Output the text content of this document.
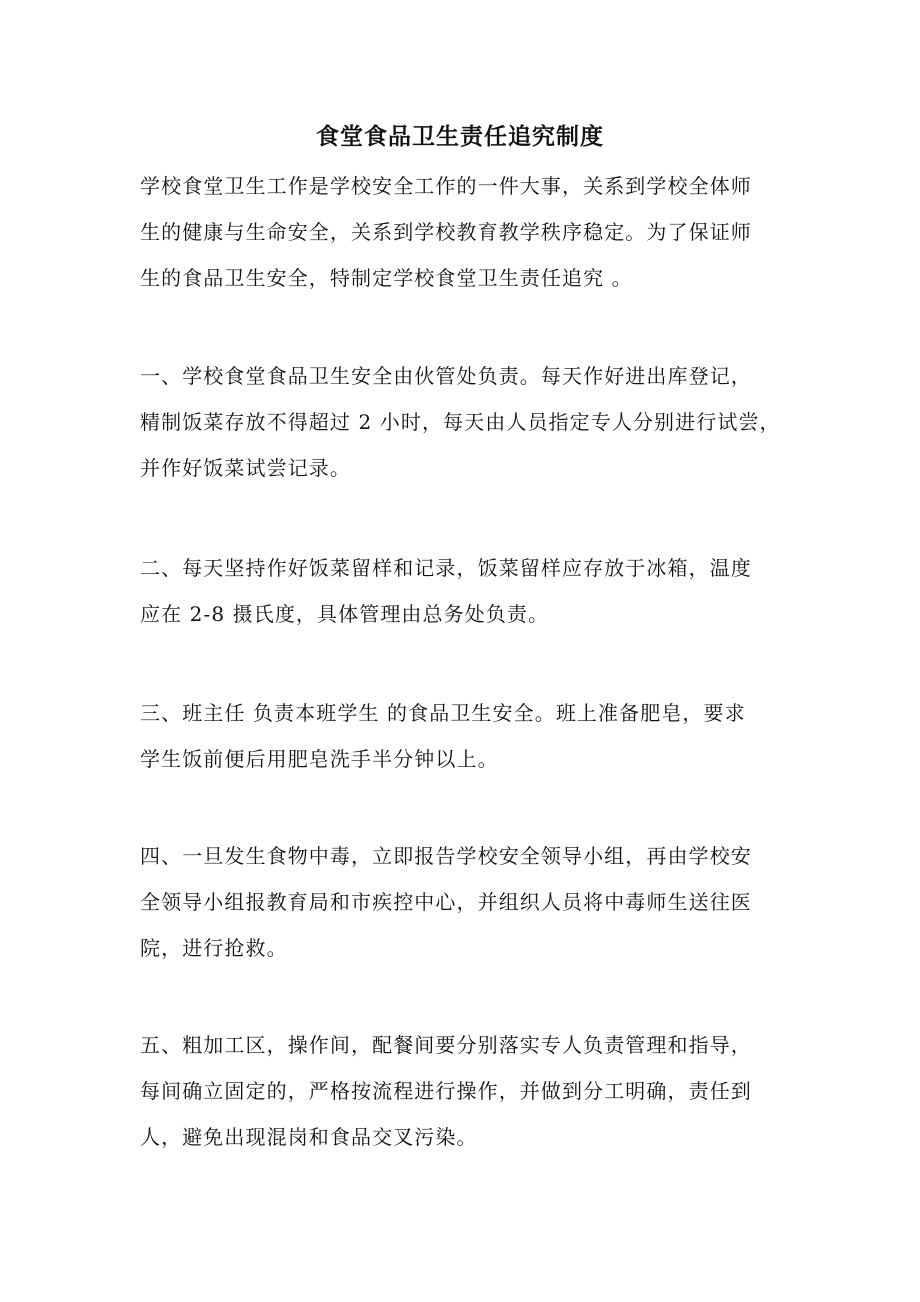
食堂食品卫生责任追究制度

学校食堂卫生工作是学校安全工作的一件大事，关系到学校全体师
生的健康与生命安全，关系到学校教育教学秩序稳定。为了保证师
生的食品卫生安全，特制定学校食堂卫生责任追究 。

一、学校食堂食品卫生安全由伙管处负责。每天作好进出库登记，
精制饭菜存放不得超过 2 小时，每天由人员指定专人分别进行试尝，
并作好饭菜试尝记录。

二、每天坚持作好饭菜留样和记录，饭菜留样应存放于冰箱，温度
应在 2-8 摄氏度，具体管理由总务处负责。

三、班主任 负责本班学生 的食品卫生安全。班上准备肥皂，要求
学生饭前便后用肥皂洗手半分钟以上。

四、一旦发生食物中毒，立即报告学校安全领导小组，再由学校安
全领导小组报教育局和市疾控中心，并组织人员将中毒师生送往医
院，进行抢救。

五、粗加工区，操作间，配餐间要分别落实专人负责管理和指导，
每间确立固定的，严格按流程进行操作，并做到分工明确，责任到
人，避免出现混岗和食品交叉污染。
